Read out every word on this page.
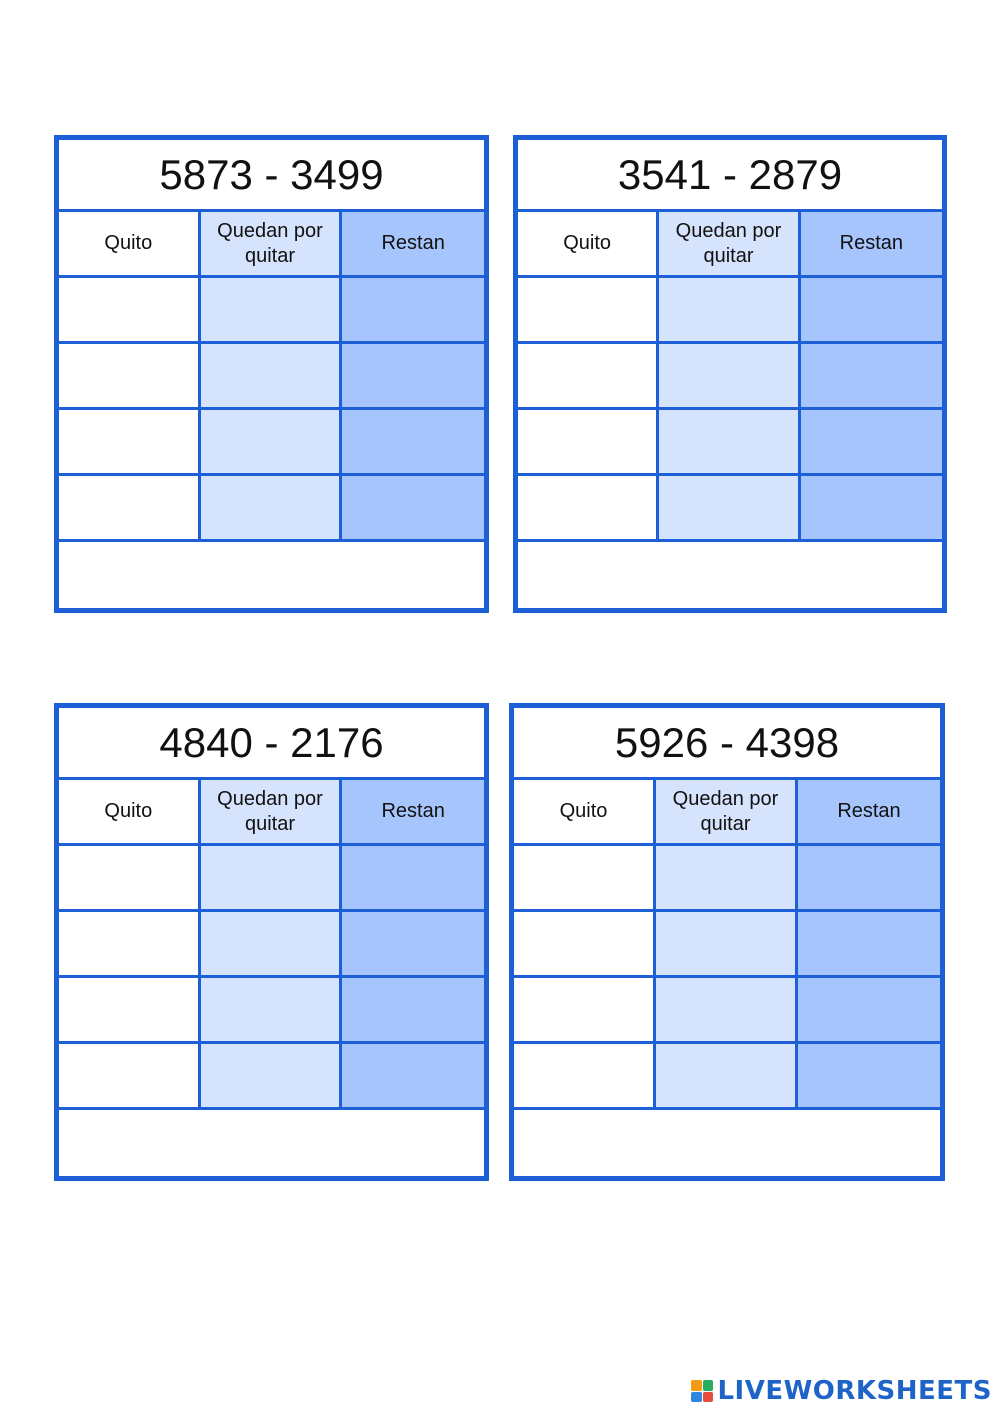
5873 - 3499
Quito
Quedan por quitar
Restan
3541 - 2879
Quito
Quedan por quitar
Restan
4840 - 2176
Quito
Quedan por quitar
Restan
5926 - 4398
Quito
Quedan por quitar
Restan
LIVEWORKSHEETS
